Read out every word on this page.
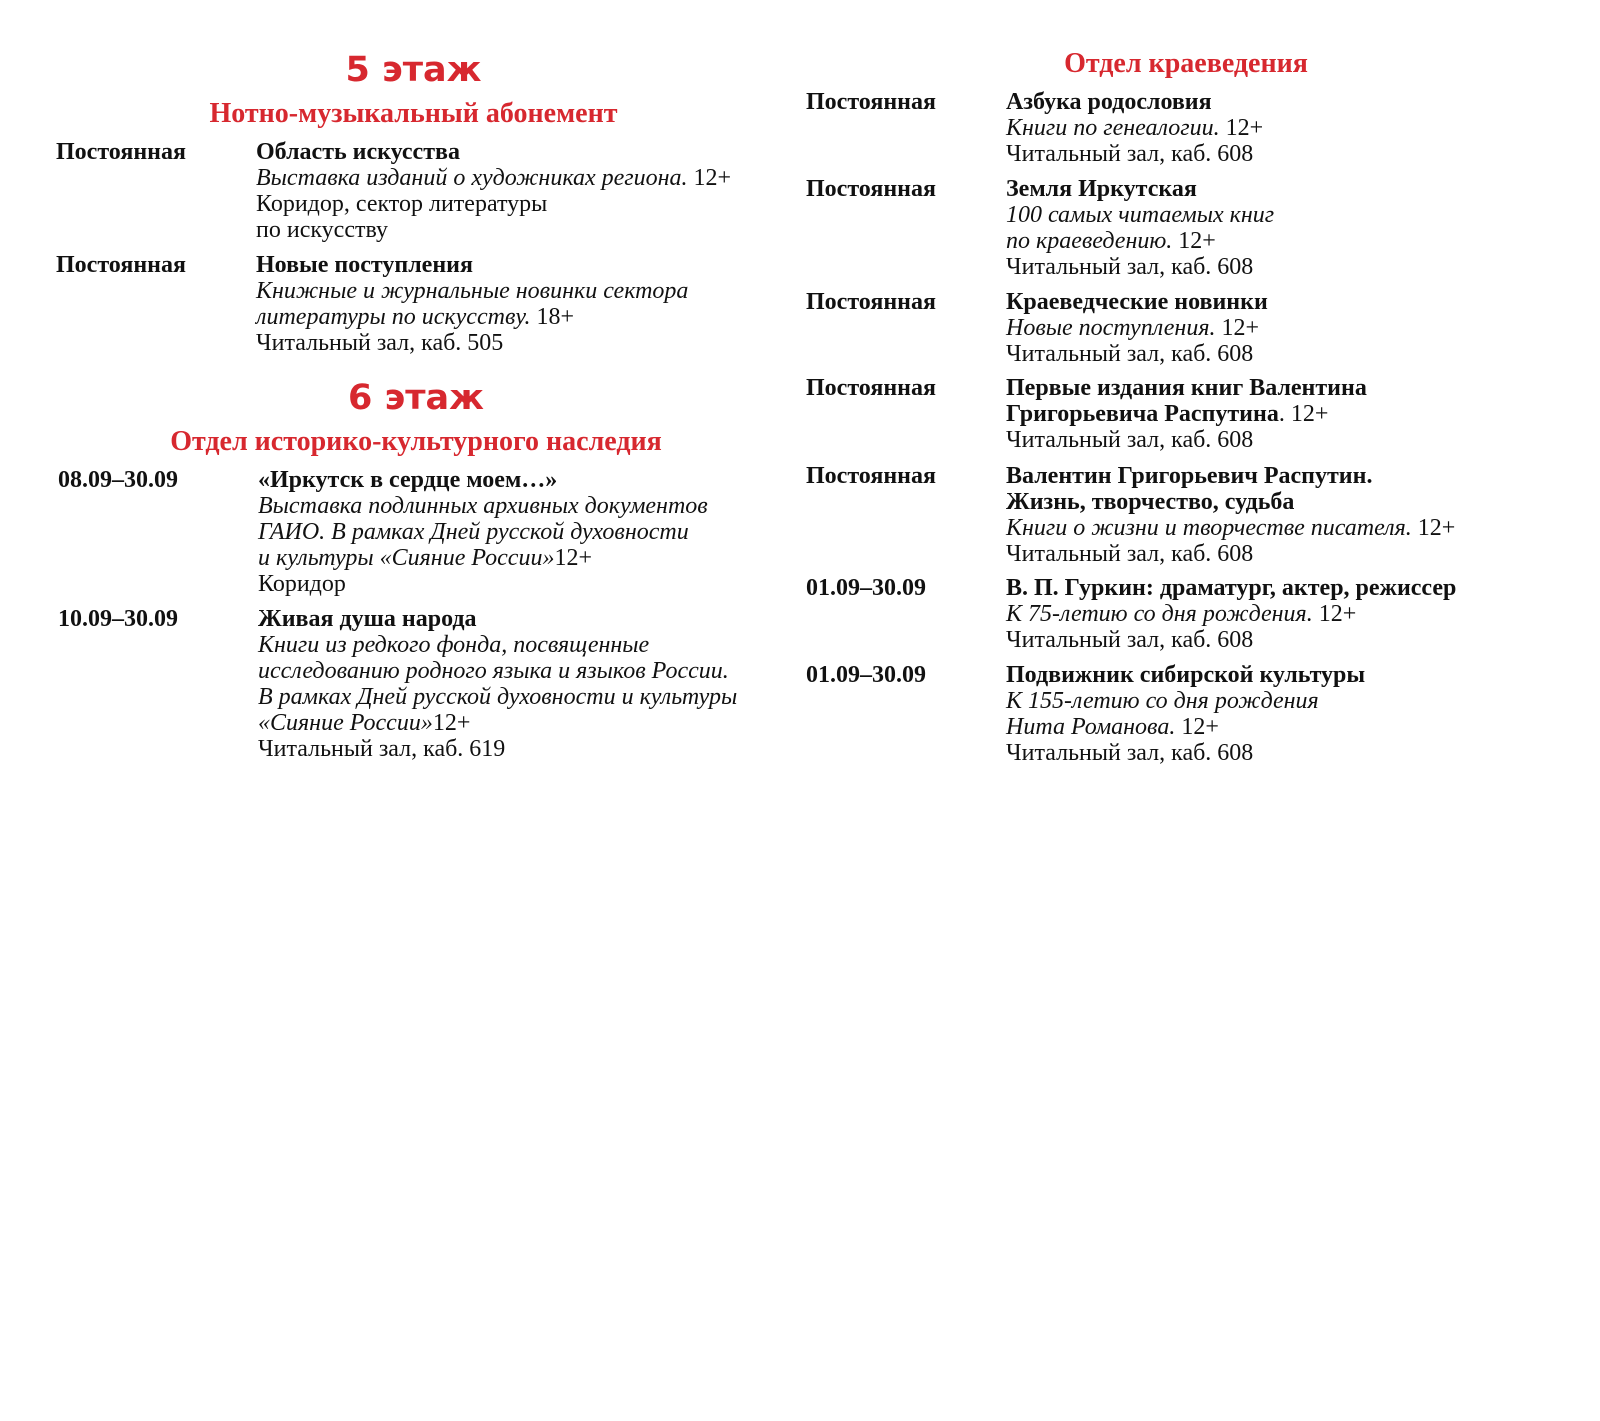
5 этаж
Нотно-музыкальный абонемент
Постоянная	Область искусства
Выставка изданий о художниках региона. 12+
Коридор, сектор литературы
по искусству
Постоянная	Новые поступления
Книжные и журнальные новинки сектора
литературы по искусству. 18+
Читальный зал, каб. 505
6 этаж
Отдел историко-культурного наследия
08.09–30.09	«Иркутск в сердце моем…»
Выставка подлинных архивных документов
ГАИО. В рамках Дней русской духовности
и культуры «Сияние России»12+
Коридор
10.09–30.09	Живая душа народа
Книги из редкого фонда, посвященные
исследованию родного языка и языков России.
В рамках Дней русской духовности и культуры
«Сияние России»12+
Читальный зал, каб. 619
Отдел краеведения
Постоянная	Азбука родословия
Книги по генеалогии. 12+
Читальный зал, каб. 608
Постоянная	Земля Иркутская
100 самых читаемых книг
по краеведению. 12+
Читальный зал, каб. 608
Постоянная	Краеведческие новинки
Новые поступления. 12+
Читальный зал, каб. 608
Постоянная	Первые издания книг Валентина
Григорьевича Распутина. 12+
Читальный зал, каб. 608
Постоянная	Валентин Григорьевич Распутин.
Жизнь, творчество, судьба
Книги о жизни и творчестве писателя. 12+
Читальный зал, каб. 608
01.09–30.09	В. П. Гуркин: драматург, актер, режиссер
К 75-летию со дня рождения. 12+
Читальный зал, каб. 608
01.09–30.09	Подвижник сибирской культуры
К 155-летию со дня рождения
Нита Романова. 12+
Читальный зал, каб. 608
